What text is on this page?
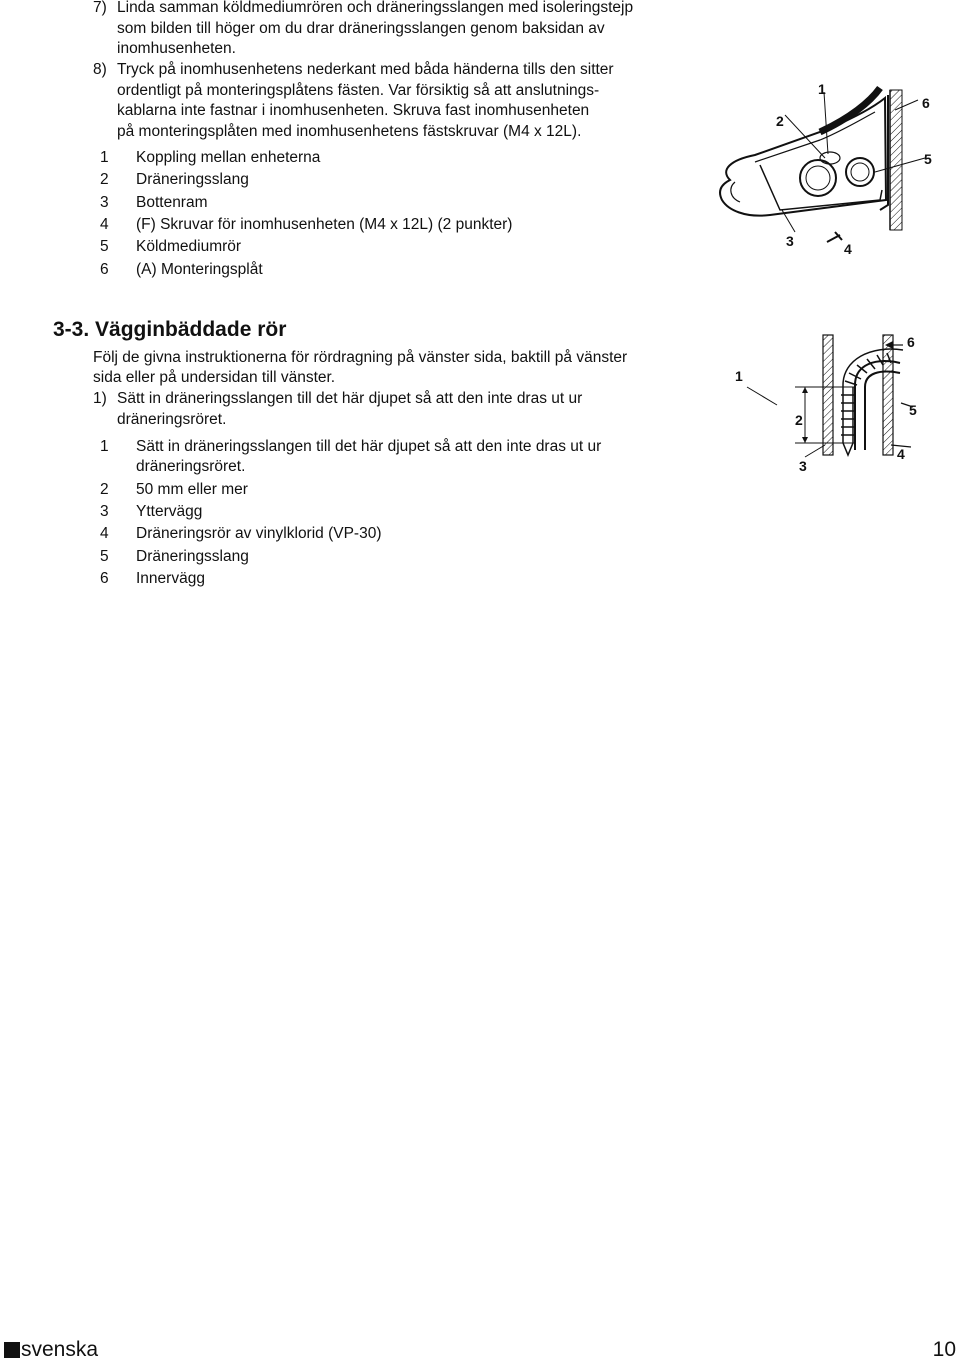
7) Linda samman köldmediumrören och dräneringsslangen med isoleringstejp
som bilden till höger om du drar dräneringsslangen genom baksidan av
inomhusenheten.
8) Tryck på inomhusenhetens nederkant med båda händerna tills den sitter
ordentligt på monteringsplåtens fästen. Var försiktig så att anslutnings-
kablarna inte fastnar i inomhusenheten. Skruva fast inomhusenheten
på monteringsplåten med inomhusenhetens fästskruvar (M4 x 12L).
1 Koppling mellan enheterna
2 Dräneringsslang
3 Bottenram
4 (F) Skruvar för inomhusenheten (M4 x 12L) (2 punkter)
5 Köldmediumrör
6 (A) Monteringsplåt
1
2
3	4
5
6
3-3. Vägginbäddade rör
Följ de givna instruktionerna för rördragning på vänster sida, baktill på vänster
sida eller på undersidan till vänster.
1) Sätt in dräneringsslangen till det här djupet så att den inte dras ut ur
dräneringsröret.
1 Sätt in dräneringsslangen till det här djupet så att den inte dras ut ur
dräneringsröret.
2 50 mm eller mer
3 Yttervägg
4 Dräneringsrör av vinylklorid (VP-30)
5 Dräneringsslang
6 Innervägg
1
2
3
4
5
6
svenska	10
